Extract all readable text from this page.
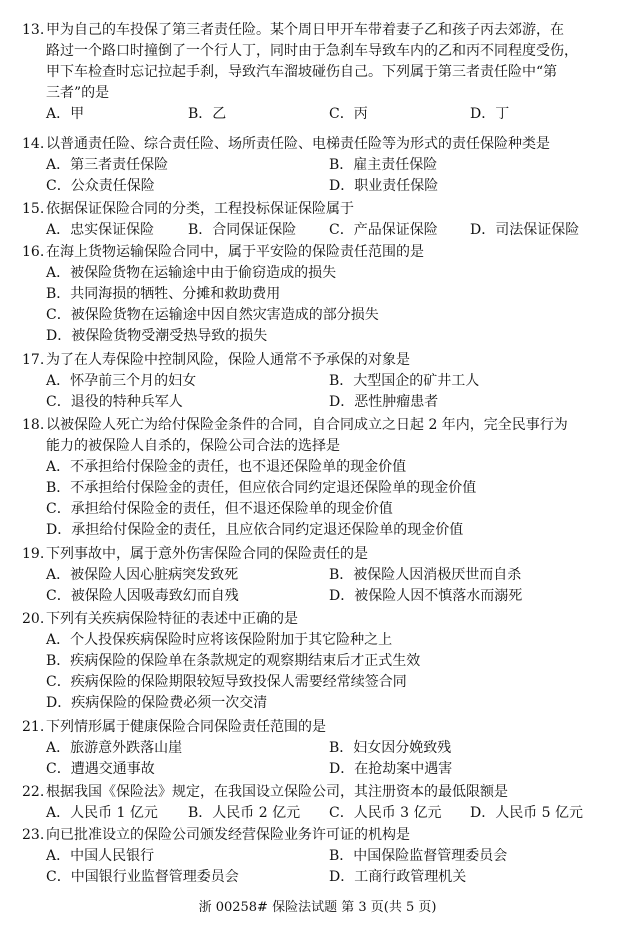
13. 甲为自己的车投保了第三者责任险。某个周日甲开车带着妻子乙和孩子丙去郊游，在
路过一个路口时撞倒了一个行人丁，同时由于急刹车导致车内的乙和丙不同程度受伤，
甲下车检查时忘记拉起手刹，导致汽车溜坡碰伤自己。下列属于第三者责任险中“第
三者”的是
A．甲	B．乙	C．丙	D．丁
14. 以普通责任险、综合责任险、场所责任险、电梯责任险等为形式的责任保险种类是
A．第三者责任保险	B．雇主责任保险
C．公众责任保险	D．职业责任保险
15. 依据保证保险合同的分类，工程投标保证保险属于
A．忠实保证保险 B．合同保证保险 C．产品保证保险 D．司法保证保险
16. 在海上货物运输保险合同中，属于平安险的保险责任范围的是
A．被保险货物在运输途中由于偷窃造成的损失
B．共同海损的牺牲、分摊和救助费用
C．被保险货物在运输途中因自然灾害造成的部分损失
D．被保险货物受潮受热导致的损失
17. 为了在人寿保险中控制风险，保险人通常不予承保的对象是
A．怀孕前三个月的妇女	B．大型国企的矿井工人
C．退役的特种兵军人	D．恶性肿瘤患者
18. 以被保险人死亡为给付保险金条件的合同，自合同成立之日起 2 年内，完全民事行为
能力的被保险人自杀的，保险公司合法的选择是
A．不承担给付保险金的责任，也不退还保险单的现金价值
B．不承担给付保险金的责任，但应依合同约定退还保险单的现金价值
C．承担给付保险金的责任，但不退还保险单的现金价值
D．承担给付保险金的责任，且应依合同约定退还保险单的现金价值
19. 下列事故中，属于意外伤害保险合同的保险责任的是
A．被保险人因心脏病突发致死	B．被保险人因消极厌世而自杀
C．被保险人因吸毒致幻而自残	D．被保险人因不慎落水而溺死
20. 下列有关疾病保险特征的表述中正确的是
A．个人投保疾病保险时应将该保险附加于其它险种之上
B．疾病保险的保险单在条款规定的观察期结束后才正式生效
C．疾病保险的保险期限较短导致投保人需要经常续签合同
D．疾病保险的保险费必须一次交清
21. 下列情形属于健康保险合同保险责任范围的是
A．旅游意外跌落山崖	B．妇女因分娩致残
C．遭遇交通事故	D．在抢劫案中遇害
22. 根据我国《保险法》规定，在我国设立保险公司，其注册资本的最低限额是
A．人民币 1 亿元 B．人民币 2 亿元 C．人民币 3 亿元 D．人民币 5 亿元
23. 向已批准设立的保险公司颁发经营保险业务许可证的机构是
A．中国人民银行	B．中国保险监督管理委员会
C．中国银行业监督管理委员会	D．工商行政管理机关
浙 00258# 保险法试题 第 3 页(共 5 页)
